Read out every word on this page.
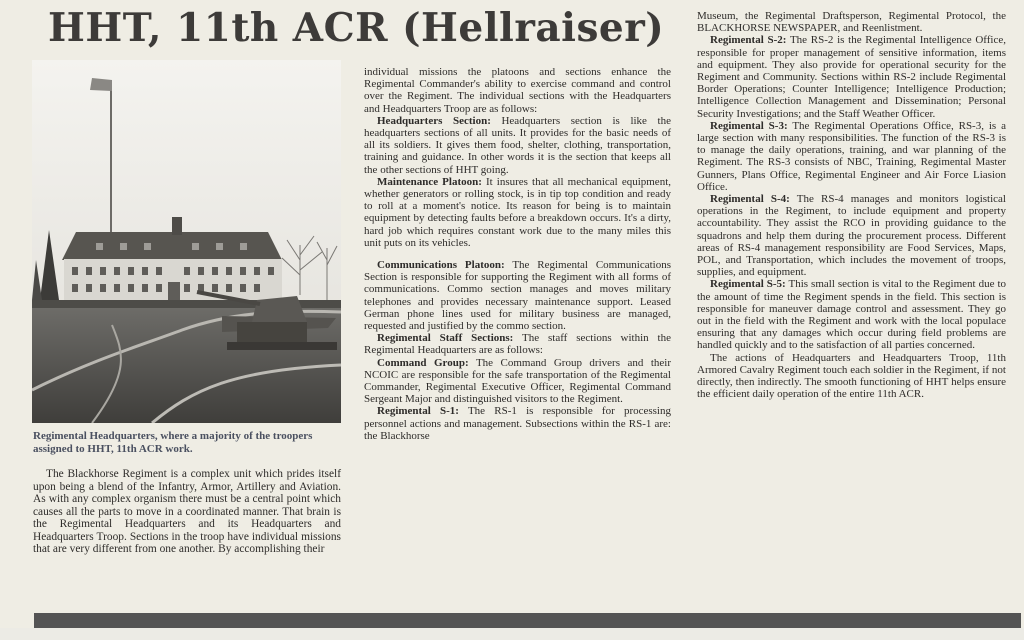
HHT, 11th ACR (Hellraiser)

Regimental Headquarters, where a majority of the troopers assigned to HHT, 11th ACR work.

The Blackhorse Regiment is a complex unit which prides itself upon being a blend of the Infantry, Armor, Artillery and Aviation. As with any complex organism there must be a central point which causes all the parts to move in a coordinated manner. That brain is the Regimental Headquarters and its Headquarters and Headquarters Troop. Sections in the troop have individual missions that are very different from one another. By accomplishing their

individual missions the platoons and sections enhance the Regimental Commander's ability to exercise command and control over the Regiment. The individual sections with the Headquarters and Headquarters Troop are as follows:

Headquarters Section: Headquarters section is like the headquarters sections of all units. It provides for the basic needs of all its soldiers. It gives them food, shelter, clothing, transportation, training and guidance. In other words it is the section that keeps all the other sections of HHT going.

Maintenance Platoon: It insures that all mechanical equipment, whether generators or rolling stock, is in tip top condition and ready to roll at a moment's notice. Its reason for being is to maintain equipment by detecting faults before a breakdown occurs. It's a dirty, hard job which requires constant work due to the many miles this unit puts on its vehicles.

Communications Platoon: The Regimental Communications Section is responsible for supporting the Regiment with all forms of communications. Commo section manages and moves military telephones and provides necessary maintenance support. Leased German phone lines used for military business are managed, requested and justified by the commo section.

Regimental Staff Sections: The staff sections within the Regimental Headquarters are as follows:

Command Group: The Command Group drivers and their NCOIC are responsible for the safe transportation of the Regimental Commander, Regimental Executive Officer, Regimental Command Sergeant Major and distinguished visitors to the Regiment.

Regimental S-1: The RS-1 is responsible for processing personnel actions and management. Subsections within the RS-1 are: the Blackhorse

Museum, the Regimental Draftsperson, Regimental Protocol, the BLACKHORSE NEWSPAPER, and Reenlistment.

Regimental S-2: The RS-2 is the Regimental Intelligence Office, responsible for proper management of sensitive information, items and equipment. They also provide for operational security for the Regiment and Community. Sections within RS-2 include Regimental Border Operations; Counter Intelligence; Intelligence Production; Intelligence Collection Management and Dissemination; Personal Security Investigations; and the Staff Weather Officer.

Regimental S-3: The Regimental Operations Office, RS-3, is a large section with many responsibilities. The function of the RS-3 is to manage the daily operations, training, and war planning of the Regiment. The RS-3 consists of NBC, Training, Regimental Master Gunners, Plans Office, Regimental Engineer and Air Force Liasion Office.

Regimental S-4: The RS-4 manages and monitors logistical operations in the Regiment, to include equipment and property accountability. They assist the RCO in providing guidance to the squadrons and help them during the procurement process. Different areas of RS-4 management responsibility are Food Services, Maps, POL, and Transportation, which includes the movement of troops, supplies, and equipment.

Regimental S-5: This small section is vital to the Regiment due to the amount of time the Regiment spends in the field. This section is responsible for maneuver damage control and assessment. They go out in the field with the Regiment and work with the local populace ensuring that any damages which occur during field problems are handled quickly and to the satisfaction of all parties concerned.

The actions of Headquarters and Headquarters Troop, 11th Armored Cavalry Regiment touch each soldier in the Regiment, if not directly, then indirectly. The smooth functioning of HHT helps ensure the efficient daily operation of the entire 11th ACR.
